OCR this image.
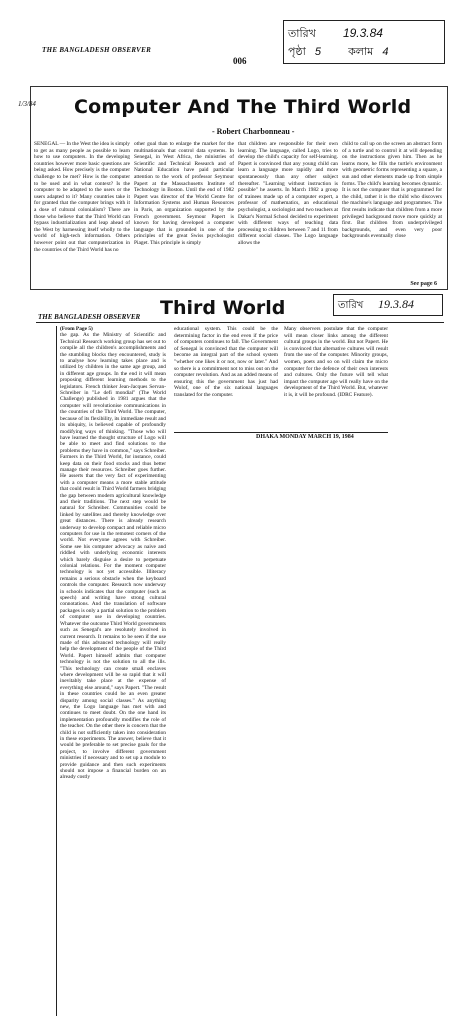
তারিখ 19.3.84
পৃষ্ঠা 5 কলাম 4
THE BANGLADESH OBSERVER
006
See page 6
1/3/84 Computer And The Third World
- Robert Charbonneau -

SENEGAL — In the West the idea is simply to get as many people as possible to learn how to use computers. In the developing countries however more basic questions are being asked. How precisely is the computer challenge to be met? How is the computer to be used and in what context? Is the computer to be adapted to the users or the users adapted to it? Many countries take it for granted that the computer brings with it a dose of cultural colonialism? There are those who believe that the Third World can bypass industrialization and leap ahead of the West by harnessing itself wholly to the world of high-tech information. Others however point out that computerization in the countries of the Third World has no

other goal than to enlarge the market for the multinationals that control data systems. In Senegal, in West Africa, the ministries of Scientific and Technical Research and of National Education have paid particular attention to the work of professor Seymour Papert at the Massachusetts Institute of Technology in Boston. Until the end of 1982 Papert was director of the World Centre for Information Systems and Human Resources in Paris, an organization supported by the French government. Seymour Papert is known for having developed a computer language that is grounded in one of the principles of the great Swiss psychologist Piaget. This principle is simply

that children are responsible for their own learning. The language, called Logo, tries to develop the child's capacity for self-learning. Papert is convinced that any young child can learn a language more rapidly and more spontaneously than any other subject thereafter. "Learning without instruction is possible" he asserts. In March 1982 a group of trainees made up of a computer expert, a professor of mathematics, an educational psychologist, a sociologist and two teachers at Dakar's Normal School decided to experiment with different ways of teaching data processing to children between 7 and 11 from different social classes. The Logo language allows the

child to call up on the screen an abstract form of a turtle and to control it at will depending on the instructions given him. Then as he learns more, he fills the turtle's environment with geometric forms representing a square, a sun and other elements made up from simple forms. The child's learning becomes dynamic. It is not the computer that is programmed for the child, rather it is the child who discovers the machine's language and programmes. The first results indicate that children from a more privileged background move more quickly at first. But children from underprivileged backgrounds, and even very poor backgrounds eventually close

THE BANGLADESH OBSERVER Third World	তারিখ 19.3.84

(From Page 5)

the gap. As the Ministry of Scientific and Technical Research working group has set out to compile all the children's accomplishments and the stumbling blocks they encountered, study is to analyse how learning takes place and is utilized by children in the same age group, and in different age groups. In the end it will mean proposing different learning methods to the legislators. French thinker Jean-Jacques Servan-Schreiber in "Le defi mondial" (The World Challenge) published in 1981 argues that the computer will revolutionise communications in the countries of the Third World. The computer, because of its flexibility, its immediate result and its ubiquity, is believed capable of profoundly modifying ways of thinking. "Those who will have learned the thought structure of Logo will be able to meet and find solutions to the problems they have in common," says Schreiber. Farmers in the Third World, for instance, could keep data on their food stocks and thus better manage their resources. Schreiber goes further. He asserts that the very fact of experimenting with a computer means a more stable attitude that could result in Third World farmers bridging the gap between modern agricultural knowledge and their traditions. The next step would be natural for Schreiber. Communities could be linked by satellites and thereby knowledge over great distances. There is already research underway to develop compact and reliable micro computers for use in the remotest corners of the world. Not everyone agrees with Schreiber. Some see his computer advocacy as naive and riddled with underlying economic interests which barely disguise a desire to perpetuate colonial relations. For the moment computer technology is not yet accessible. Illiteracy remains a serious obstacle when the keyboard controls the computer. Research now underway in schools indicates that the computer (such as speech) and writing have strong cultural connotations. And the translation of software packages is only a partial solution to the problem of computer use in developing countries. Whatever the outcome Third World governments such as Senegal's are resolutely involved in current research. It remains to be seen if the use made of this advanced technology will really help the development of the people of the Third World. Papert himself admits that computer technology is not the solution to all the ills. "This technology can create small enclaves where development will be so rapid that it will inevitably take place at the expense of everything else around," says Papert. "The result in these countries could be an even greater disparity among social classes." As anything new, the Logo language has met with and continues to meet doubt. On the one hand its implementation profoundly modifies the role of the teacher. On the other there is concern that the child is not sufficiently taken into consideration in these experiments. The answer, believe that it would be preferable to set precise goals for the project, to involve different government ministries if necessary and to set up a module to provide guidance and then such experiments should not impose a financial burden on an already costly

educational system. This could be the determining factor in the end even if the price of computers continues to fall. The Government of Senegal is convinced that the computer will become an integral part of the school system "whether one likes it or not, now or later." And so there is a commitment not to miss out on the computer revolution. And as an added means of ensuring this the government has just had Wolof, one of the six national languages translated for the computer.

Many observers postulate that the computer will mean closer links among the different cultural groups in the world. But not Papert. He is convinced that alternative cultures will result from the use of the computer. Minority groups, women, poets and so on will claim the micro computer for the defence of their own interests and cultures. Only the future will tell what impact the computer age will really have on the development of the Third World. But, whatever it is, it will be profound. (IDRC Feature).

DHAKA MONDAY MARCH 19, 1984
